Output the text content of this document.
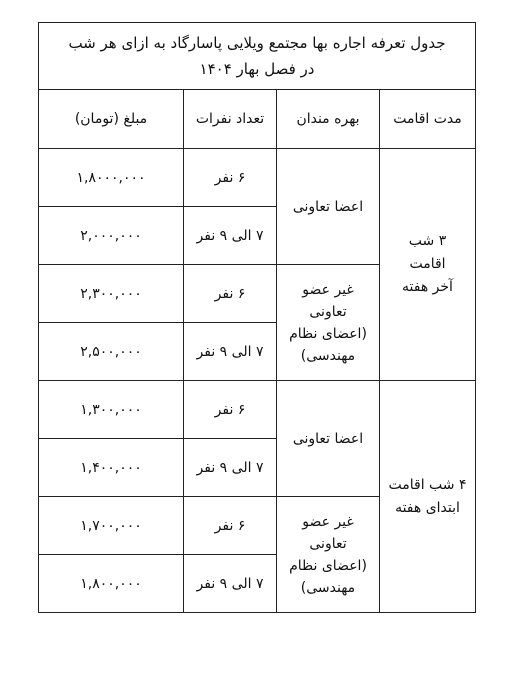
جدول تعرفه اجاره بها مجتمع ویلایی پاسارگاد به ازای هر شب
در فصل بهار ۱۴۰۴			

مدت اقامت	بهره مندان	تعداد نفرات	مبلغ (تومان)

۳ شب
اقامت
آخر هفته	اعضا تعاونی	۶ نفر	۱,۸۰۰۰,۰۰۰
		۷ الی ۹ نفر	۲,۰۰۰,۰۰۰

	غیر عضو
تعاونی
(اعضای نظام
مهندسی)	۶ نفر	۲,۳۰۰,۰۰۰
		۷ الی ۹ نفر	۲,۵۰۰,۰۰۰

۴ شب اقامت
ابتدای هفته	اعضا تعاونی	۶ نفر	۱,۳۰۰,۰۰۰
		۷ الی ۹ نفر	۱,۴۰۰,۰۰۰

	غیر عضو
تعاونی
(اعضای نظام
مهندسی)	۶ نفر	۱,۷۰۰,۰۰۰
		۷ الی ۹ نفر	۱,۸۰۰,۰۰۰
